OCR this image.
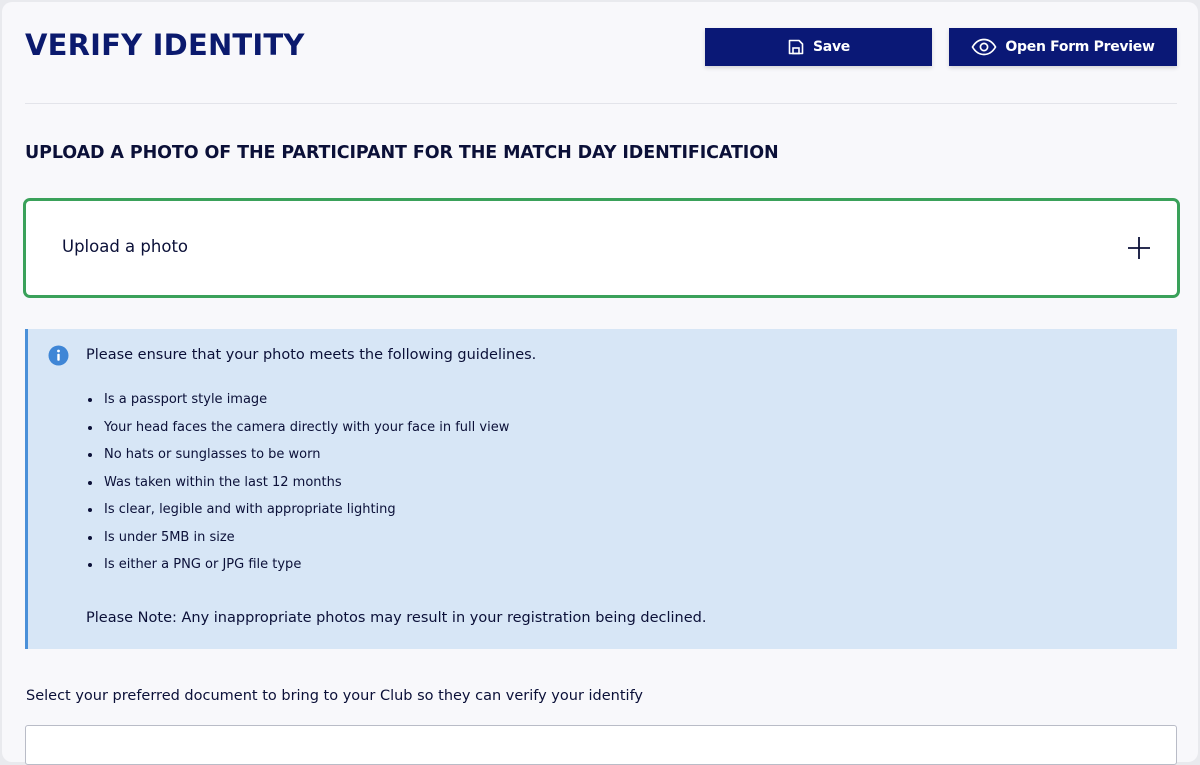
VERIFY IDENTITY	Save	Open Form Preview
UPLOAD A PHOTO OF THE PARTICIPANT FOR THE MATCH DAY IDENTIFICATION
Upload a photo

Please ensure that your photo meets the following guidelines.

Is a passport style image
Your head faces the camera directly with your face in full view
No hats or sunglasses to be worn
Was taken within the last 12 months
Is clear, legible and with appropriate lighting
Is under 5MB in size
Is either a PNG or JPG file type

Please Note: Any inappropriate photos may result in your registration being declined.

Select your preferred document to bring to your Club so they can verify your identify
